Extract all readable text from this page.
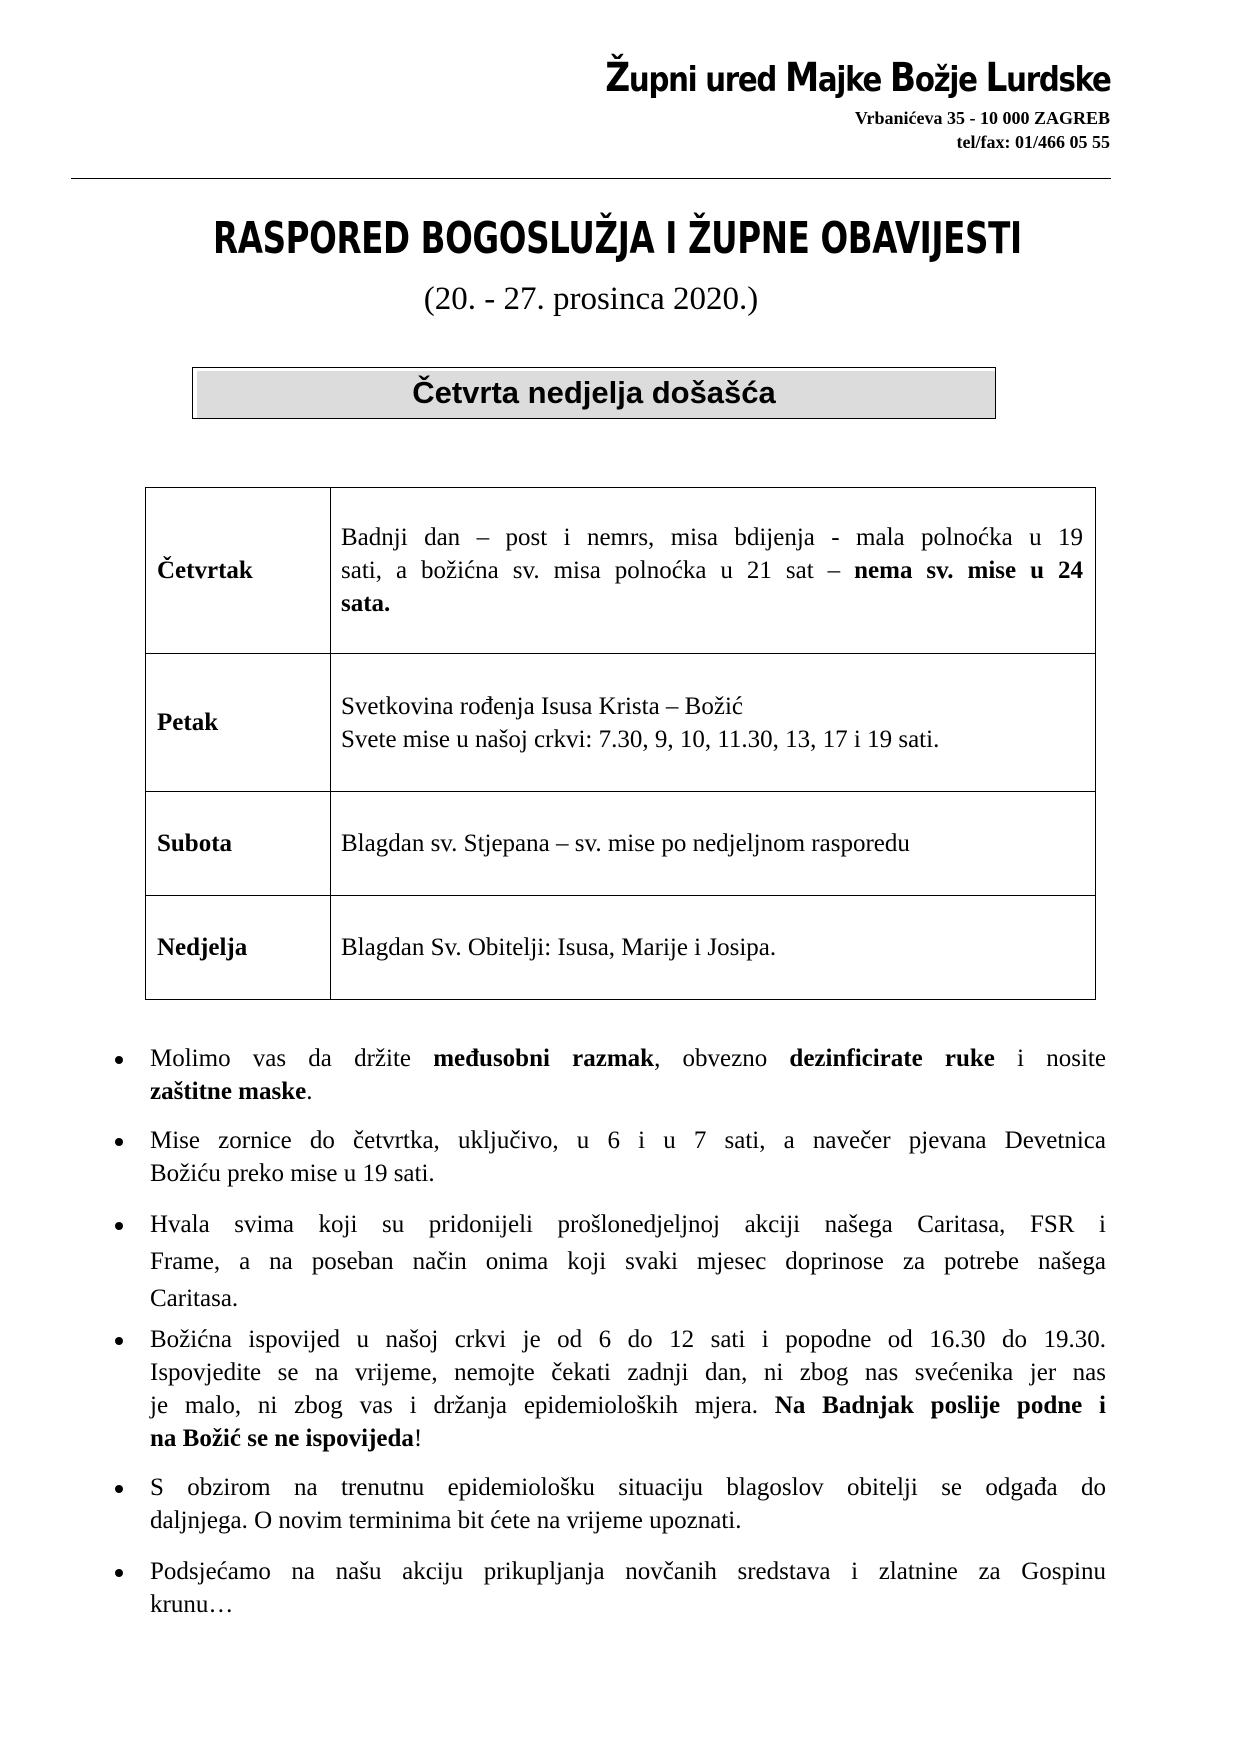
Župni ured Majke Božje Lurdske
Vrbanićeva 35 - 10 000 ZAGREB
tel/fax: 01/466 05 55
RASPORED BOGOSLUŽJA I ŽUPNE OBAVIJESTI
(20. - 27. prosinca 2020.)
Četvrta nedjelja došašća
Četvrtak	Badnji dan – post i nemrs, misa bdijenja - mala polnoćka u 19
sati, a božićna sv. misa polnoćka u 21 sat – nema sv. mise u 24
sata.

Petak	Svetkovina rođenja Isusa Krista – Božić
Svete mise u našoj crkvi: 7.30, 9, 10, 11.30, 13, 17 i 19 sati.

Subota	Blagdan sv. Stjepana – sv. mise po nedjeljnom rasporedu

Nedjelja	Blagdan Sv. Obitelji: Isusa, Marije i Josipa.
Molimo vas da držite međusobni razmak, obvezno dezinficirate ruke i nosite
zaštitne maske.
Mise zornice do četvrtka, uključivo, u 6 i u 7 sati, a navečer pjevana Devetnica
Božiću preko mise u 19 sati.
Hvala svima koji su pridonijeli prošlonedjeljnoj akciji našega Caritasa, FSR i
Frame, a na poseban način onima koji svaki mjesec doprinose za potrebe našega
Caritasa.
Božićna ispovijed u našoj crkvi je od 6 do 12 sati i popodne od 16.30 do 19.30.
Ispovjedite se na vrijeme, nemojte čekati zadnji dan, ni zbog nas svećenika jer nas
je malo, ni zbog vas i držanja epidemioloških mjera. Na Badnjak poslije podne i
na Božić se ne ispovijeda!
S obzirom na trenutnu epidemiološku situaciju blagoslov obitelji se odgađa do
daljnjega. O novim terminima bit ćete na vrijeme upoznati.
Podsjećamo na našu akciju prikupljanja novčanih sredstava i zlatnine za Gospinu
krunu…
